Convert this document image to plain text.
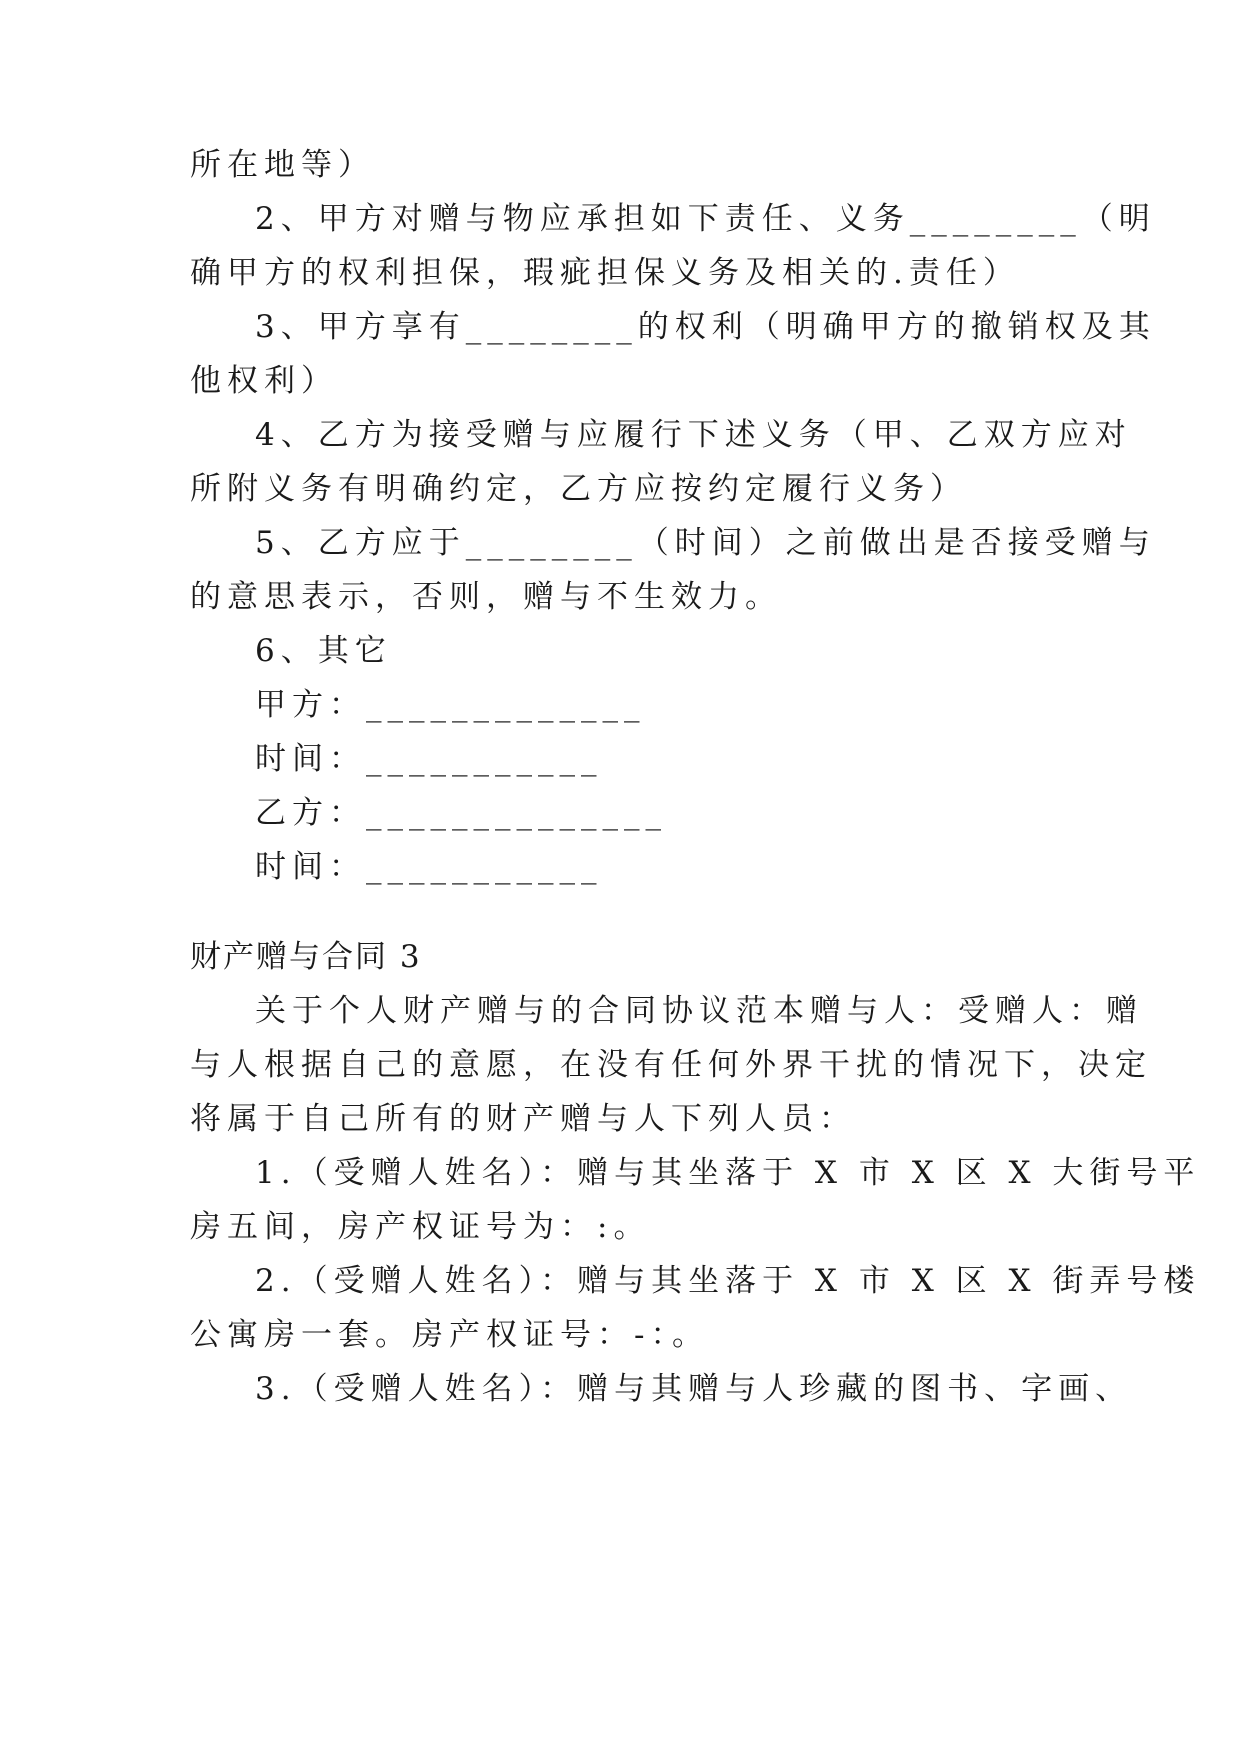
所在地等）

2、甲方对赠与物应承担如下责任、义务________（明

确甲方的权利担保，瑕疵担保义务及相关的.责任）

3、甲方享有________的权利（明确甲方的撤销权及其

他权利）

4、乙方为接受赠与应履行下述义务（甲、乙双方应对

所附义务有明确约定，乙方应按约定履行义务）

5、乙方应于________（时间）之前做出是否接受赠与

的意思表示，否则，赠与不生效力。

6、其它

甲方：_____________

时间：___________

乙方：______________

时间：___________

财产赠与合同 3

关于个人财产赠与的合同协议范本赠与人：受赠人：赠

与人根据自己的意愿，在没有任何外界干扰的情况下，决定

将属于自己所有的财产赠与人下列人员：

1.（受赠人姓名）：赠与其坐落于 X 市 X 区 X 大街号平

房五间，房产权证号为：:。

2.（受赠人姓名）：赠与其坐落于 X 市 X 区 X 街弄号楼

公寓房一套。房产权证号：-：。

3.（受赠人姓名）：赠与其赠与人珍藏的图书、字画、
